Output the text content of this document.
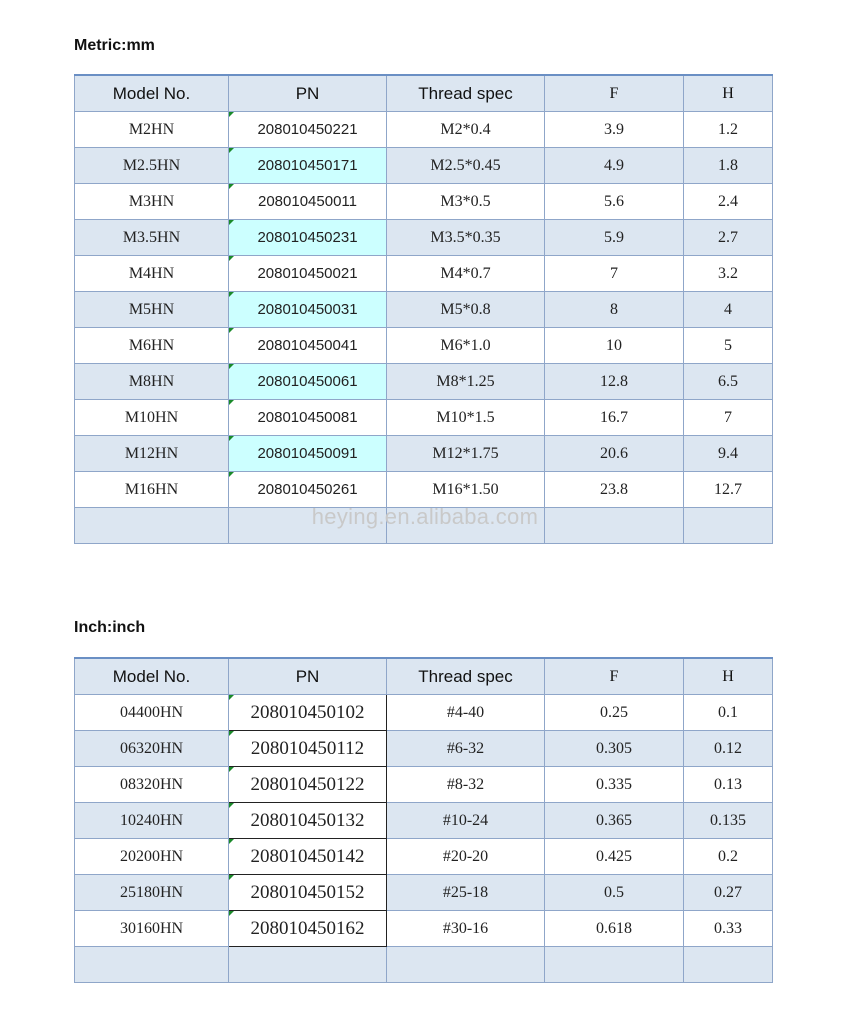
Metric:mm
Model No.	PN	Thread spec	F	H
M2HN	208010450221	M2*0.4	3.9	1.2
M2.5HN	208010450171	M2.5*0.45	4.9	1.8
M3HN	208010450011	M3*0.5	5.6	2.4
M3.5HN	208010450231	M3.5*0.35	5.9	2.7
M4HN	208010450021	M4*0.7	7	3.2
M5HN	208010450031	M5*0.8	8	4
M6HN	208010450041	M6*1.0	10	5
M8HN	208010450061	M8*1.25	12.8	6.5
M10HN	208010450081	M10*1.5	16.7	7
M12HN	208010450091	M12*1.75	20.6	9.4
M16HN	208010450261	M16*1.50	23.8	12.7

heying.en.alibaba.com
Inch:inch
Model No.	PN	Thread spec	F	H
04400HN	208010450102	#4-40	0.25	0.1
06320HN	208010450112	#6-32	0.305	0.12
08320HN	208010450122	#8-32	0.335	0.13
10240HN	208010450132	#10-24	0.365	0.135
20200HN	208010450142	#20-20	0.425	0.2
25180HN	208010450152	#25-18	0.5	0.27
30160HN	208010450162	#30-16	0.618	0.33
